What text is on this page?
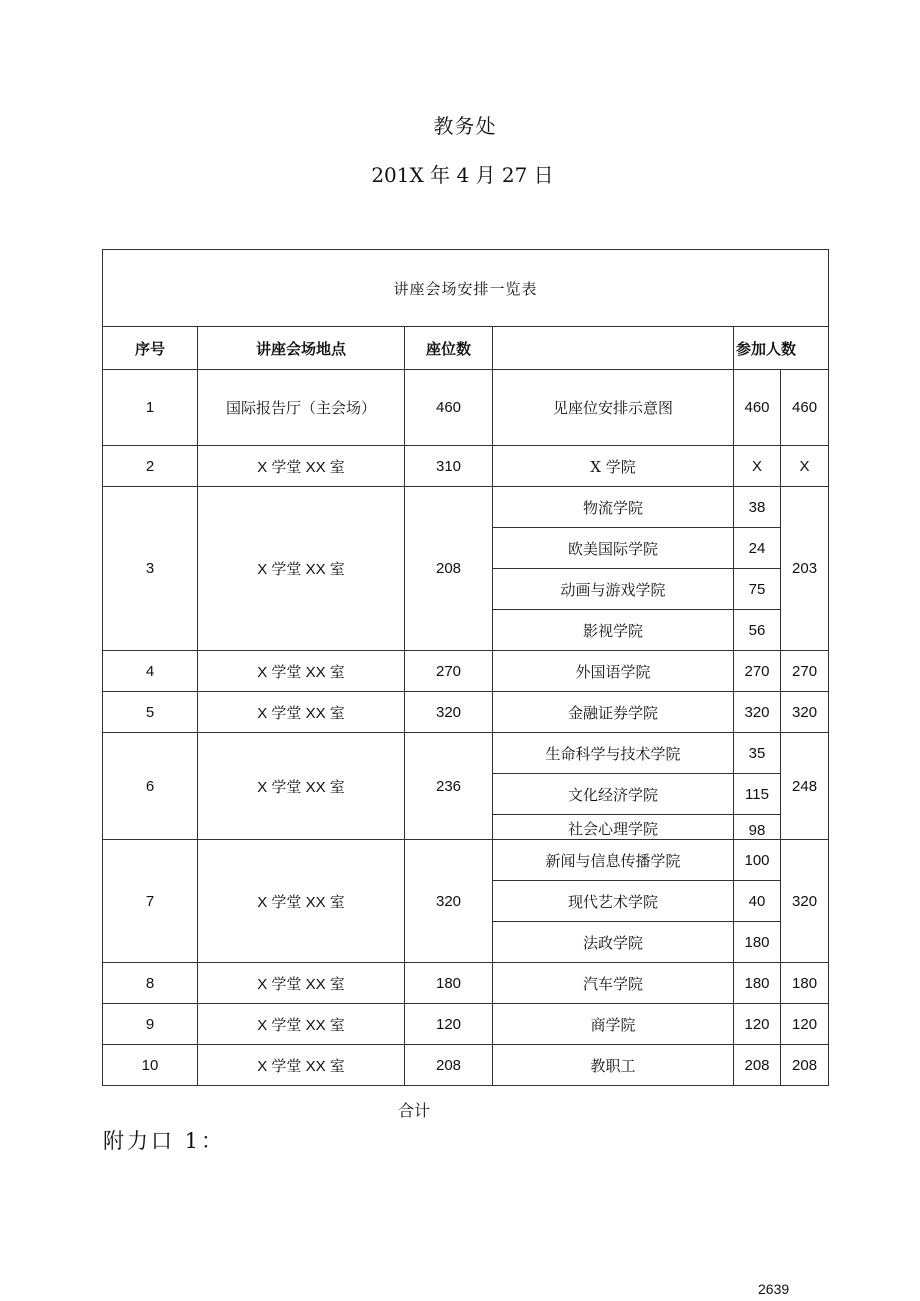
教务处
201X 年 4 月 27 日
讲座会场安排一览表					
序号	讲座会场地点	座位数		参加人数	
1	国际报告厅（主会场）	460	见座位安排示意图	460	460
2	X 学堂 XX 室	310	X 学院	X	X
3	X 学堂 XX 室	208	物流学院	38	203
			欧美国际学院	24	
			动画与游戏学院	75	
			影视学院	56	
4	X 学堂 XX 室	270	外国语学院	270	270
5	X 学堂 XX 室	320	金融证券学院	320	320
6	X 学堂 XX 室	236	生命科学与技术学院	35	248
			文化经济学院	115	
			社会心理学院	98	
7	X 学堂 XX 室	320	新闻与信息传播学院	100	320
			现代艺术学院	40	
			法政学院	180	
8	X 学堂 XX 室	180	汽车学院	180	180
9	X 学堂 XX 室	120	商学院	120	120
10	X 学堂 XX 室	208	教职工	208	208
合计
附力口 1：
2639
